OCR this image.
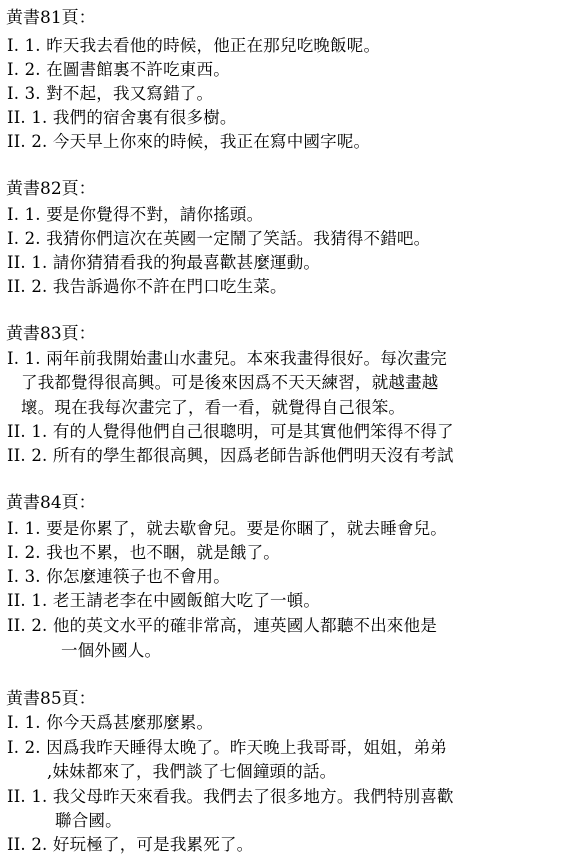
黄書81頁：
I. 1. 昨天我去看他的時候，他正在那兒吃晚飯呢。
I. 2. 在圖書館裏不許吃東西。
I. 3. 對不起，我又寫錯了。
II. 1. 我們的宿舍裏有很多樹。
II. 2. 今天早上你來的時候，我正在寫中國字呢。
黄書82頁：
I. 1. 要是你覺得不對，請你搖頭。
I. 2. 我猜你們這次在英國一定鬧了笑話。我猜得不錯吧。
II. 1. 請你猜猜看我的狗最喜歡甚麼運動。
II. 2. 我告訴過你不許在門口吃生菜。
黄書83頁：
I. 1. 兩年前我開始畫山水畫兒。本來我畫得很好。每次畫完
了我都覺得很高興。可是後來因爲不天天練習，就越畫越
壞。現在我每次畫完了，看一看，就覺得自己很笨。
II. 1. 有的人覺得他們自己很聰明，可是其實他們笨得不得了
II. 2. 所有的學生都很高興，因爲老師告訴他們明天沒有考試
黄書84頁：
I. 1. 要是你累了，就去歇會兒。要是你睏了，就去睡會兒。
I. 2. 我也不累，也不睏，就是餓了。
I. 3. 你怎麼連筷子也不會用。
II. 1. 老王請老李在中國飯館大吃了一頓。
II. 2. 他的英文水平的確非常高，連英國人都聽不出來他是
一個外國人。
黄書85頁：
I. 1. 你今天爲甚麼那麼累。
I. 2. 因爲我昨天睡得太晚了。昨天晚上我哥哥，姐姐，弟弟
,妹妹都來了，我們談了七個鐘頭的話。
II. 1. 我父母昨天來看我。我們去了很多地方。我們特別喜歡
聯合國。
II. 2. 好玩極了，可是我累死了。
